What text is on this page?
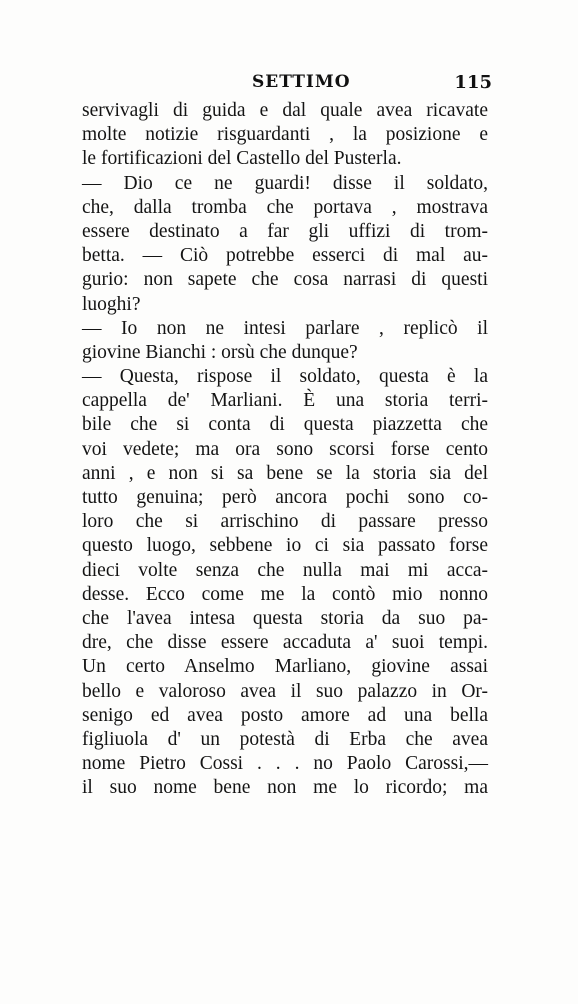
SETTIMO	115
servivagli di guida e dal quale avea ricavate
molte notizie risguardanti , la posizione e
le fortificazioni del Castello del Pusterla.
— Dio ce ne guardi! disse il soldato,
che, dalla tromba che portava , mostrava
essere destinato a far gli uffizi di trom-
betta. — Ciò potrebbe esserci di mal au-
gurio: non sapete che cosa narrasi di questi
luoghi?
— Io non ne intesi parlare , replicò il
giovine Bianchi : orsù che dunque?
— Questa, rispose il soldato, questa è la
cappella de' Marliani. È una storia terri-
bile che si conta di questa piazzetta che
voi vedete; ma ora sono scorsi forse cento
anni , e non si sa bene se la storia sia del
tutto genuina; però ancora pochi sono co-
loro che si arrischino di passare presso
questo luogo, sebbene io ci sia passato forse
dieci volte senza che nulla mai mi acca-
desse. Ecco come me la contò mio nonno
che l'avea intesa questa storia da suo pa-
dre, che disse essere accaduta a' suoi tempi.
Un certo Anselmo Marliano, giovine assai
bello e valoroso avea il suo palazzo in Or-
senigo ed avea posto amore ad una bella
figliuola d' un potestà di Erba che avea
nome Pietro Cossi . . . no Paolo Carossi,—
il suo nome bene non me lo ricordo; ma
